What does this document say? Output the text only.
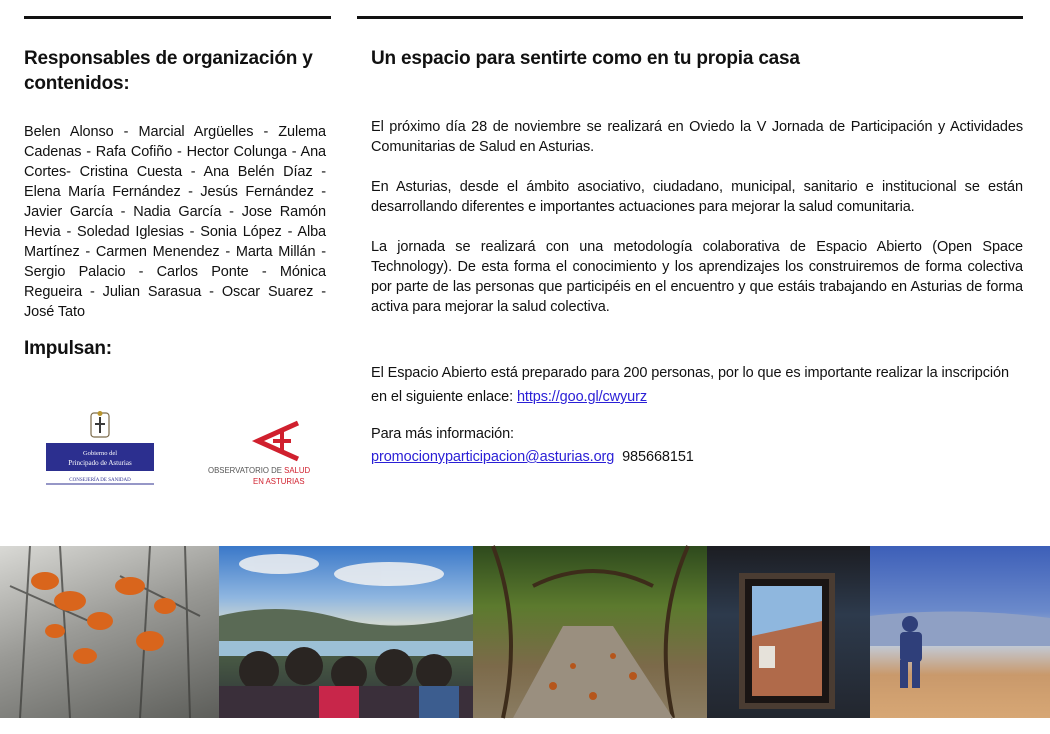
Responsables de organización y contenidos:

Belen Alonso - Marcial Argüelles - Zulema Cadenas - Rafa Cofiño - Hector Colunga - Ana Cortes- Cristina Cuesta - Ana Belén Díaz - Elena María Fernández - Jesús Fernández - Javier García - Nadia García - Jose Ramón Hevia - Soledad Iglesias - Sonia López - Alba Martínez - Carmen Menendez - Marta Millán - Sergio Palacio - Carlos Ponte - Mónica Regueira - Julian Sarasua - Oscar Suarez - José Tato

Impulsan:
Gobierno del
Principado de Asturias
CONSEJERÍA DE SANIDAD
OBSERVATORIO DE SALUD
EN ASTURIAS
Un espacio para sentirte como en tu propia casa

El próximo día 28 de noviembre se realizará en Oviedo la V Jornada de Participación y Actividades Comunitarias de Salud en Asturias.

En Asturias, desde el ámbito asociativo, ciudadano, municipal, sanitario e institucional se están desarrollando diferentes e importantes actuaciones para mejorar la salud comunitaria.

La jornada se realizará con una metodología colaborativa de Espacio Abierto (Open Space Technology). De esta forma el conocimiento y los aprendizajes los construiremos de forma colectiva por parte de las personas que participéis en el encuentro y que estáis trabajando en Asturias de forma activa para mejorar la salud colectiva.

El Espacio Abierto está preparado para 200 personas, por lo que es importante realizar la inscripción en el siguiente enlace: https://goo.gl/cwyurz

Para más información:
promocionyparticipacion@asturias.org 985668151
